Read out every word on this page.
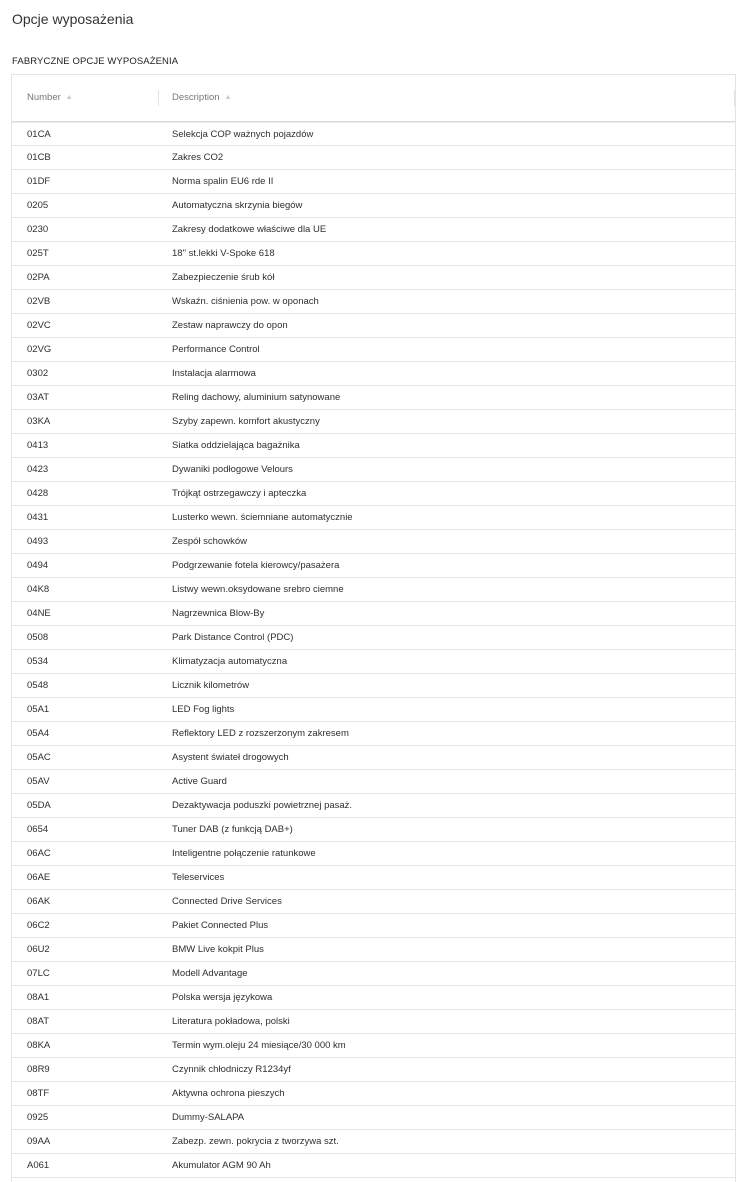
Opcje wyposażenia
FABRYCZNE OPCJE WYPOSAŻENIA
Number ▲︎	Description ▲︎
01CA	Selekcja COP ważnych pojazdów
01CB	Zakres CO2
01DF	Norma spalin EU6 rde II
0205	Automatyczna skrzynia biegów
0230	Zakresy dodatkowe właściwe dla UE
025T	18" st.lekki V-Spoke 618
02PA	Zabezpieczenie śrub kół
02VB	Wskaźn. ciśnienia pow. w oponach
02VC	Zestaw naprawczy do opon
02VG	Performance Control
0302	Instalacja alarmowa
03AT	Reling dachowy, aluminium satynowane
03KA	Szyby zapewn. komfort akustyczny
0413	Siatka oddzielająca bagażnika
0423	Dywaniki podłogowe Velours
0428	Trójkąt ostrzegawczy i apteczka
0431	Lusterko wewn. ściemniane automatycznie
0493	Zespół schowków
0494	Podgrzewanie fotela kierowcy/pasażera
04K8	Listwy wewn.oksydowane srebro ciemne
04NE	Nagrzewnica Blow-By
0508	Park Distance Control (PDC)
0534	Klimatyzacja automatyczna
0548	Licznik kilometrów
05A1	LED Fog lights
05A4	Reflektory LED z rozszerzonym zakresem
05AC	Asystent świateł drogowych
05AV	Active Guard
05DA	Dezaktywacja poduszki powietrznej pasaż.
0654	Tuner DAB (z funkcją DAB+)
06AC	Inteligentne połączenie ratunkowe
06AE	Teleservices
06AK	Connected Drive Services
06C2	Pakiet Connected Plus
06U2	BMW Live kokpit Plus
07LC	Modell Advantage
08A1	Polska wersja językowa
08AT	Literatura pokładowa, polski
08KA	Termin wym.oleju 24 miesiące/30 000 km
08R9	Czynnik chłodniczy R1234yf
08TF	Aktywna ochrona pieszych
0925	Dummy-SALAPA
09AA	Zabezp. zewn. pokrycia z tworzywa szt.
A061	Akumulator AGM 90 Ah
